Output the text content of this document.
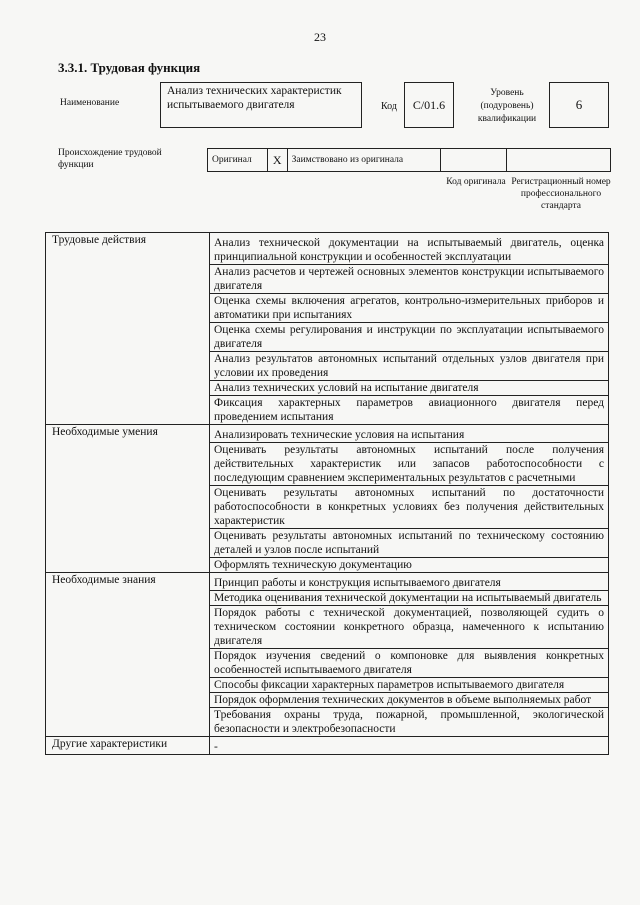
23
3.3.1. Трудовая функция
Наименование
Анализ технических характеристик испытываемого двигателя	Код	C/01.6
Уровень (подуровень) квалификации
6
Происхождение трудовой функции	Оригинал	X	Заимствовано из оригинала
Код оригинала Регистрационный номер профессионального стандарта
Трудовые действия	Анализ технической документации на испытываемый двигатель, оценка принципиальной конструкции и особенностей эксплуатации
	Анализ расчетов и чертежей основных элементов конструкции испытываемого двигателя
	Оценка схемы включения агрегатов, контрольно-измерительных приборов и автоматики при испытаниях
	Оценка схемы регулирования и инструкции по эксплуатации испытываемого двигателя
	Анализ результатов автономных испытаний отдельных узлов двигателя при условии их проведения
	Анализ технических условий на испытание двигателя
	Фиксация характерных параметров авиационного двигателя перед проведением испытания
Необходимые умения	Анализировать технические условия на испытания
	Оценивать результаты автономных испытаний после получения действительных характеристик или запасов работоспособности с последующим сравнением экспериментальных результатов с расчетными
	Оценивать результаты автономных испытаний по достаточности работоспособности в конкретных условиях без получения действительных характеристик
	Оценивать результаты автономных испытаний по техническому состоянию деталей и узлов после испытаний
	Оформлять техническую документацию
Необходимые знания	Принцип работы и конструкция испытываемого двигателя
	Методика оценивания технической документации на испытываемый двигатель
	Порядок работы с технической документацией, позволяющей судить о техническом состоянии конкретного образца, намеченного к испытанию двигателя
	Порядок изучения сведений о компоновке для выявления конкретных особенностей испытываемого двигателя
	Способы фиксации характерных параметров испытываемого двигателя
	Порядок оформления технических документов в объеме выполняемых работ
	Требования охраны труда, пожарной, промышленной, экологической безопасности и электробезопасности
Другие характеристики	-
